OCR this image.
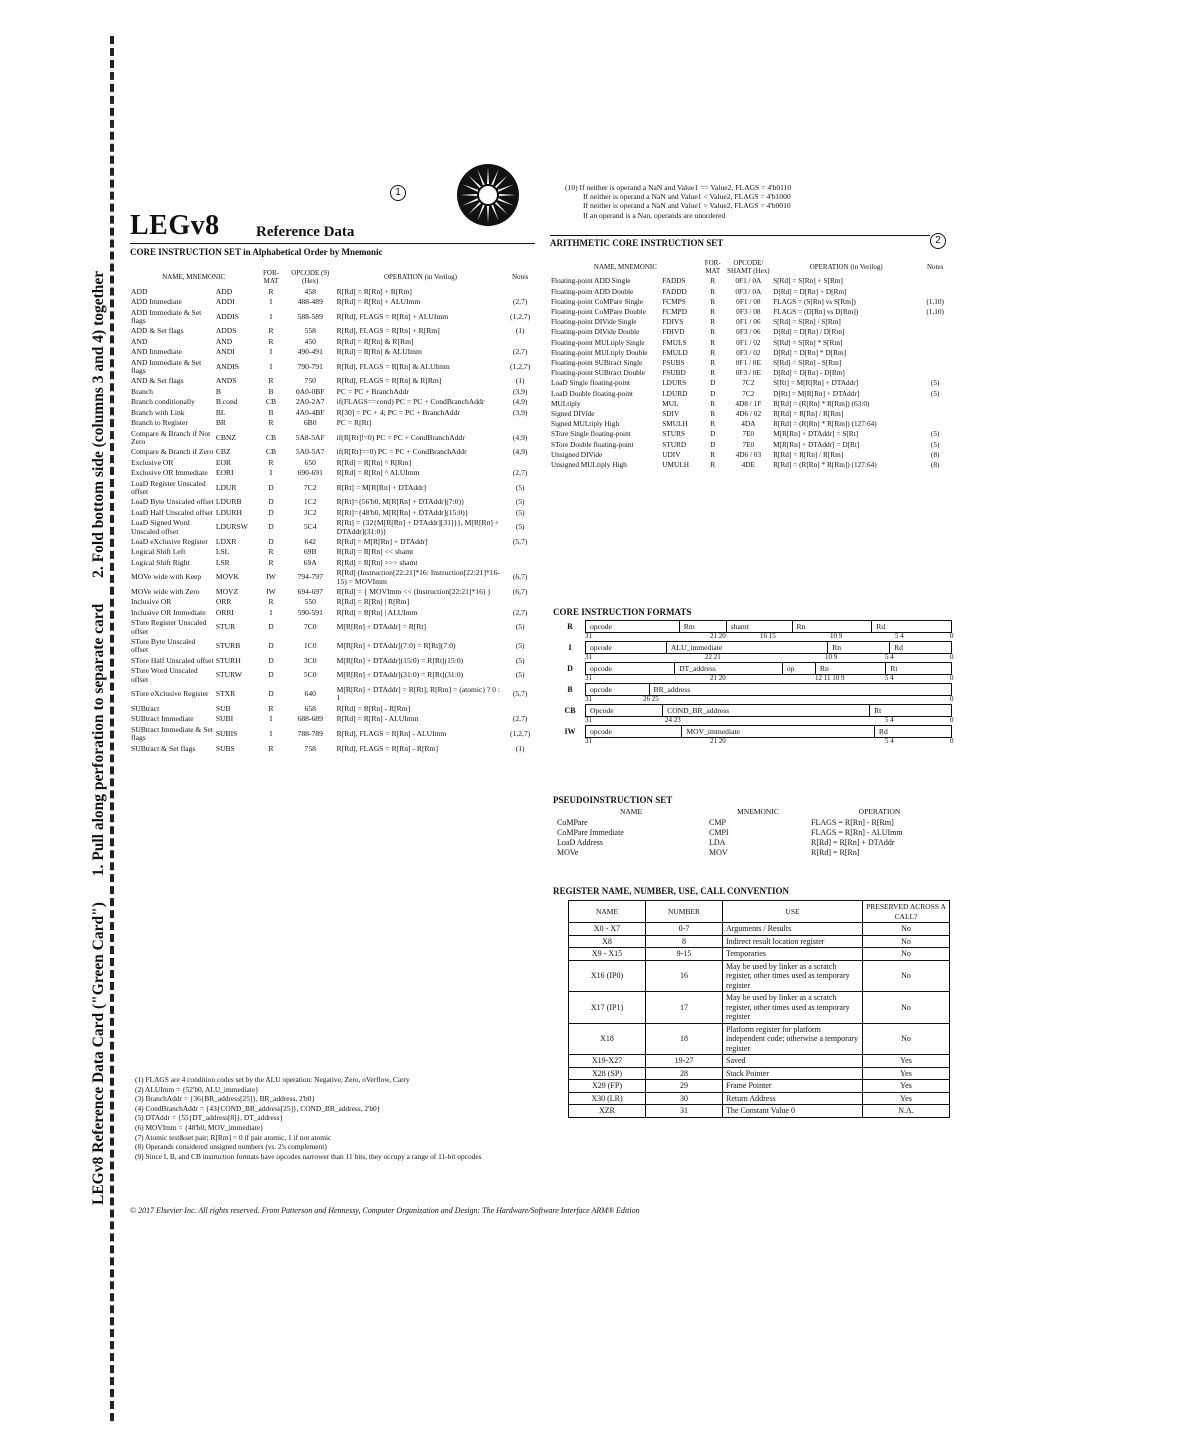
LEGv8 Reference Data Card ("Green Card") 1. Pull along perforation to separate card 2. Fold bottom side (columns 3 and 4) together
LEGv8 Reference Data
1
2
CORE INSTRUCTION SET in Alphabetical Order by Mnemonic
NAME, MNEMONIC		FOR-MAT	OPCODE (9) (Hex)	OPERATION (in Verilog)	Notes
ADD	ADD	R	458	R[Rd] = R[Rn] + R[Rm]	
ADD Immediate	ADDI	I	488-489	R[Rd] = R[Rn] + ALUImm	(2,7)
ADD Immediate & Set flags	ADDIS	I	588-589	R[Rd], FLAGS = R[Rn] + ALUImm	(1,2,7)
ADD & Set flags	ADDS	R	558	R[Rd], FLAGS = R[Rn] + R[Rm]	(1)
AND	AND	R	450	R[Rd] = R[Rn] & R[Rm]	
AND Immediate	ANDI	I	490-491	R[Rd] = R[Rn] & ALUImm	(2,7)
AND Immediate & Set flags	ANDIS	I	790-791	R[Rd], FLAGS = R[Rn] & ALUImm	(1,2,7)
AND & Set flags	ANDS	R	750	R[Rd], FLAGS = R[Rn] & R[Rm]	(1)
Branch	B	B	0A0-0BF	PC = PC + BranchAddr	(3,9)
Branch conditionally	B.cond	CB	2A0-2A7	if(FLAGS==cond) PC = PC + CondBranchAddr	(4,9)
Branch with Link	BL	B	4A0-4BF	R[30] = PC + 4; PC = PC + BranchAddr	(3,9)
Branch to Register	BR	R	6B0	PC = R[Rt]	
Compare & Branch if Not Zero	CBNZ	CB	5A8-5AF	if(R[Rt]!=0) PC = PC + CondBranchAddr	(4,9)
Compare & Branch if Zero	CBZ	CB	5A0-5A7	if(R[Rt]==0) PC = PC + CondBranchAddr	(4,9)
Exclusive OR	EOR	R	650	R[Rd] = R[Rn] ^ R[Rm]	
Exclusive OR Immediate	EORI	I	690-691	R[Rd] = R[Rn] ^ ALUImm	(2,7)
LoaD Register Unscaled offset	LDUR	D	7C2	R[Rt] = M[R[Rn] + DTAddr]	(5)
LoaD Byte Unscaled offset	LDURB	D	1C2	R[Rt]={56'b0, M[R[Rn] + DTAddr](7:0)}	(5)
LoaD Half Unscaled offset	LDURH	D	3C2	R[Rt]={48'b0, M[R[Rn] + DTAddr](15:0)}	(5)
LoaD Signed Word Unscaled offset	LDURSW	D	5C4	R[Rt] = {32{M[R[Rn] + DTAddr][31]}}, M[R[Rn] + DTAddr](31:0)}	(5)
LoaD eXclusive Register	LDXR	D	642	R[Rd] = M[R[Rn] + DTAddr]	(5,7)
Logical Shift Left	LSL	R	69B	R[Rd] = R[Rn] << shamt	
Logical Shift Right	LSR	R	69A	R[Rd] = R[Rn] >>> shamt	
MOVe wide with Keep	MOVK	IW	794-797	R[Rd] (Instruction[22:21]*16: Instruction[22:21]*16-15) = MOVImm	(6,7)
MOVe wide with Zero	MOVZ	IW	694-697	R[Rd] = { MOVImm << (Instruction[22:21]*16) }	(6,7)
Inclusive OR	ORR	R	550	R[Rd] = R[Rn] | R[Rm]	
Inclusive OR Immediate	ORRI	I	590-591	R[Rd] = R[Rn] | ALUImm	(2,7)
STore Register Unscaled offset	STUR	D	7C0	M[R[Rn] + DTAddr] = R[Rt]	(5)
STore Byte Unscaled offset	STURB	D	1C0	M[R[Rn] + DTAddr](7:0) = R[Rt](7:0)	(5)
STore Half Unscaled offset	STURH	D	3C0	M[R[Rn] + DTAddr](15:0) = R[Rt](15:0)	(5)
STore Word Unscaled offset	STURW	D	5C0	M[R[Rn] + DTAddr](31:0) = R[Rt](31:0)	(5)
STore eXclusive Register	STXR	D	640	M[R[Rn] + DTAddr] = R[Rt]; R[Rm] = (atomic) ? 0 : 1	(5,7)
SUBtract	SUB	R	658	R[Rd] = R[Rn] - R[Rm]	
SUBtract Immediate	SUBI	I	688-689	R[Rd] = R[Rn] - ALUImm	(2,7)
SUBtract Immediate & Set flags	SUBIS	I	788-789	R[Rd], FLAGS = R[Rn] - ALUImm	(1,2,7)
SUBtract & Set flags	SUBS	R	758	R[Rd], FLAGS = R[Rn] - R[Rm]	(1)
(1) FLAGS are 4 condition codes set by the ALU operation: Negative, Zero, oVerflow, Carry
(2) ALUImm = {52'b0, ALU_immediate}
(3) BranchAddr = {36{BR_address[25]}, BR_address, 2'b0}
(4) CondBranchAddr = {43{COND_BR_address[25]}, COND_BR_address, 2'b0}
(5) DTAddr = {55{DT_address[8]}, DT_address}
(6) MOVImm = {48'b0, MOV_immediate}
(7) Atomic test&set pair; R[Rm] = 0 if pair atomic, 1 if not atomic
(8) Operands considered unsigned numbers (vs. 2's complement)
(9) Since I, B, and CB instruction formats have opcodes narrower than 11 bits, they occupy a range of 11-bit opcodes
(10) If neither is operand a NaN and Value1 == Value2, FLAGS = 4'b0110
If neither is operand a NaN and Value1 < Value2, FLAGS = 4'b1000
If neither is operand a NaN and Value1 > Value2, FLAGS = 4'b0010
If an operand is a Nan, operands are unordered
ARITHMETIC CORE INSTRUCTION SET
NAME, MNEMONIC		FOR-MAT	OPCODE/ SHAMT (Hex)	OPERATION (in Verilog)	Notes
Floating-point ADD Single	FADDS	R	0F1 / 0A	S[Rd] = S[Rn] + S[Rm]	
Floating-point ADD Double	FADDD	R	0F3 / 0A	D[Rd] = D[Rn] + D[Rm]	
Floating-point CoMPare Single	FCMPS	R	0F1 / 08	FLAGS = (S[Rn] vs S[Rm])	(1,10)
Floating-point CoMPare Double	FCMPD	R	0F3 / 08	FLAGS = (D[Rn] vs D[Rm])	(1,10)
Floating-point DIVide Single	FDIVS	R	0F1 / 06	S[Rd] = S[Rn] / S[Rm]	
Floating-point DIVide Double	FDIVD	R	0F3 / 06	D[Rd] = D[Rn] / D[Rm]	
Floating-point MULtiply Single	FMULS	R	0F1 / 02	S[Rd] = S[Rn] * S[Rm]	
Floating-point MULtiply Double	FMULD	R	0F3 / 02	D[Rd] = D[Rn] * D[Rm]	
Floating-point SUBtract Single	FSUBS	R	0F1 / 0E	S[Rd] = S[Rn] - S[Rm]	
Floating-point SUBtract Double	FSUBD	R	0F3 / 0E	D[Rd] = D[Rn] - D[Rm]	
LoaD Single floating-point	LDURS	D	7C2	S[Rt] = M[R[Rn] + DTAddr]	(5)
LoaD Double floating-point	LDURD	D	7C2	D[Rt] = M[R[Rn] + DTAddr]	(5)
MULtiply	MUL	R	4D8 / 1F	R[Rd] = (R[Rn] * R[Rm]) (63:0)	
Signed DIVide	SDIV	R	4D6 / 02	R[Rd] = R[Rn] / R[Rm]	
Signed MULtiply High	SMULH	R	4DA	R[Rd] = (R[Rn] * R[Rm]) (127:64)	
STore Single floating-point	STURS	D	7E0	M[R[Rn] + DTAddr] = S[Rt]	(5)
STore Double floating-point	STURD	D	7E0	M[R[Rn] + DTAddr] = D[Rt]	(5)
Unsigned DIVide	UDIV	R	4D6 / 03	R[Rd] = R[Rn] / R[Rm]	(8)
Unsigned MULtiply High	UMULH	R	4DE	R[Rd] = (R[Rn] * R[Rm]) (127:64)	(8)
CORE INSTRUCTION FORMATS
R	opcode	Rm	shamt	Rn	Rd
31	21 20	16 15	10 9	5 4	0
I	opcode	ALU_immediate	Rn	Rd
31	22 21	10 9	5 4	0
D	opcode	DT_address	op	Rn	Rt
31	21 20	12 11 10 9	5 4	0
B	opcode	BR_address
31	26 25	0
CB	Opcode	COND_BR_address	Rt
31	24 23	5 4	0
IW	opcode	MOV_immediate	Rd
31	21 20	5 4	0
PSEUDOINSTRUCTION SET
NAME	MNEMONIC	OPERATION
CoMPare	CMP	FLAGS = R[Rn] - R[Rm]
CoMPare Immediate	CMPI	FLAGS = R[Rn] - ALUImm
LoaD Address	LDA	R[Rd] = R[Rn] + DTAddr
MOVe	MOV	R[Rd] = R[Rn]
REGISTER NAME, NUMBER, USE, CALL CONVENTION
NAME	NUMBER	USE	PRESERVED ACROSS A CALL?
X0 - X7	0-7	Arguments / Results	No
X8	8	Indirect result location register	No
X9 - X15	9-15	Temporaries	No
X16 (IP0)	16	May be used by linker as a scratch register, other times used as temporary register	No
X17 (IP1)	17	May be used by linker as a scratch register, other times used as temporary register	No
X18	18	Platform register for platform independent code; otherwise a temporary register	No
X19-X27	19-27	Saved	Yes
X28 (SP)	28	Stack Pointer	Yes
X29 (FP)	29	Frame Pointer	Yes
X30 (LR)	30	Return Address	Yes
XZR	31	The Constant Value 0	N.A.
© 2017 Elsevier Inc. All rights reserved. From Patterson and Hennessy, Computer Organization and Design: The Hardware/Software Interface ARM® Edition
